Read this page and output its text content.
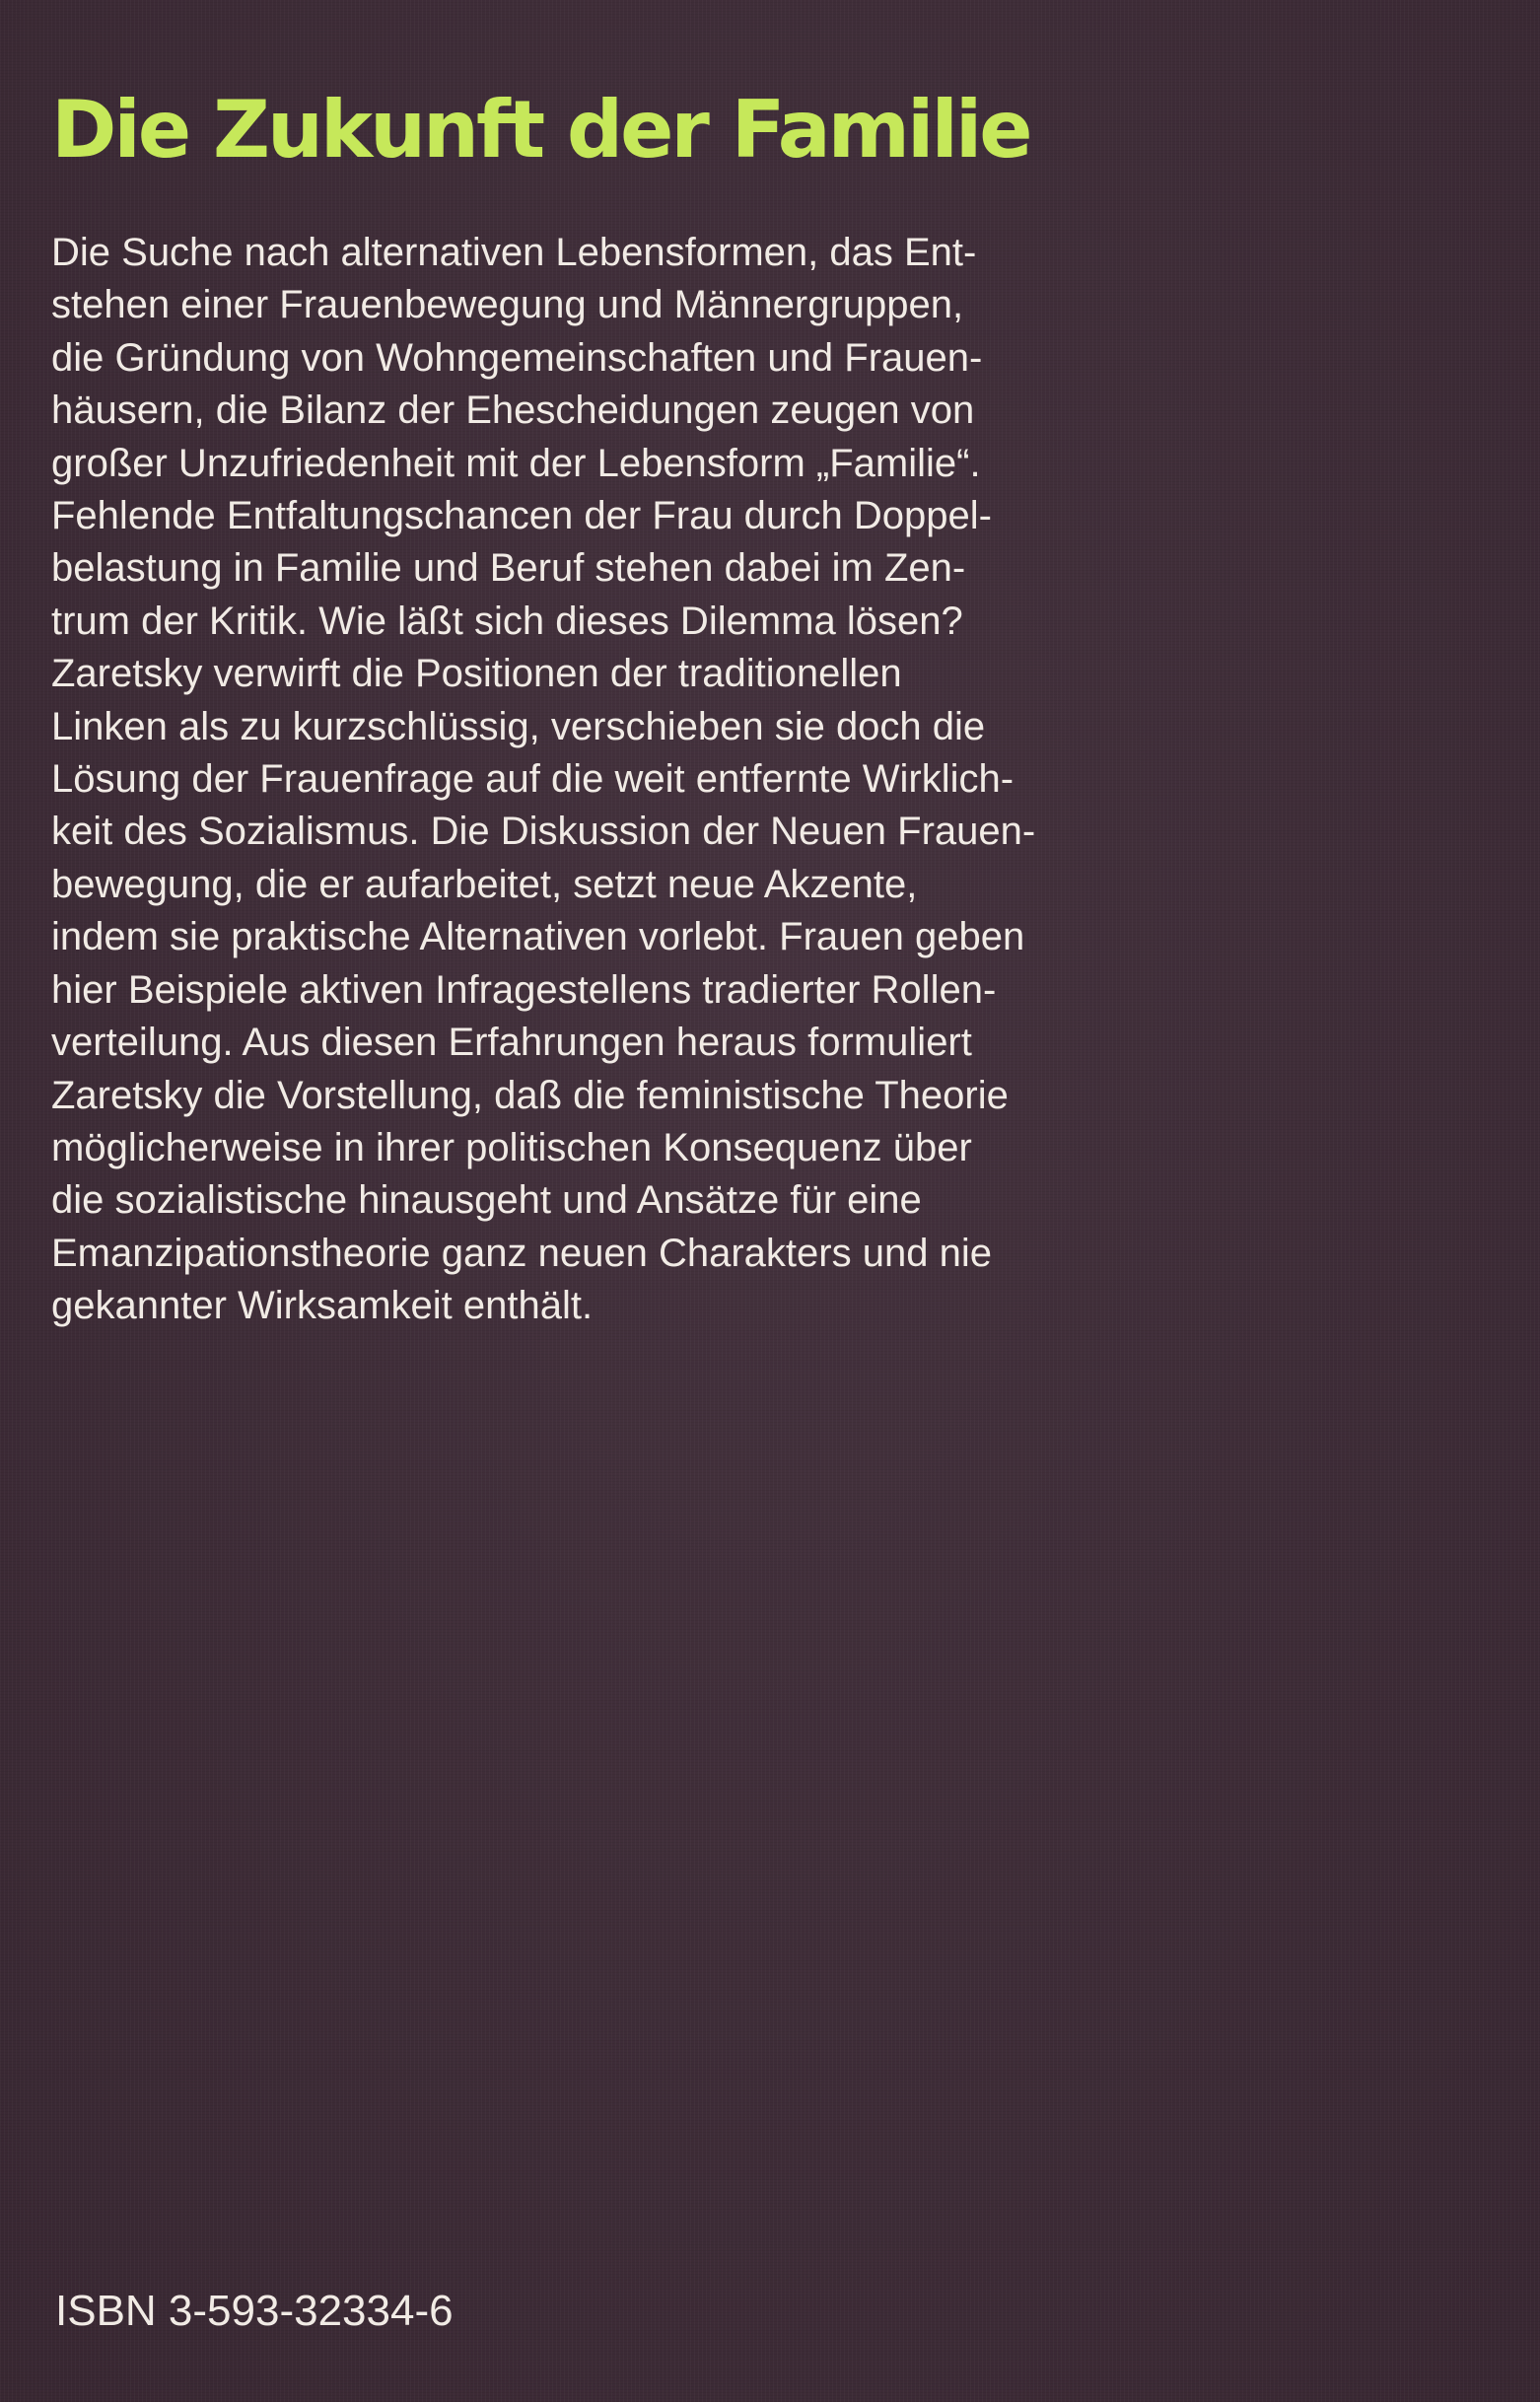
Die Zukunft der Familie
Die Suche nach alternativen Lebensformen, das Ent-
stehen einer Frauenbewegung und Männergruppen,
die Gründung von Wohngemeinschaften und Frauen-
häusern, die Bilanz der Ehescheidungen zeugen von
großer Unzufriedenheit mit der Lebensform „Familie“.
Fehlende Entfaltungschancen der Frau durch Doppel-
belastung in Familie und Beruf stehen dabei im Zen-
trum der Kritik. Wie läßt sich dieses Dilemma lösen?
Zaretsky verwirft die Positionen der traditionellen
Linken als zu kurzschlüssig, verschieben sie doch die
Lösung der Frauenfrage auf die weit entfernte Wirklich-
keit des Sozialismus. Die Diskussion der Neuen Frauen-
bewegung, die er aufarbeitet, setzt neue Akzente,
indem sie praktische Alternativen vorlebt. Frauen geben
hier Beispiele aktiven Infragestellens tradierter Rollen-
verteilung. Aus diesen Erfahrungen heraus formuliert
Zaretsky die Vorstellung, daß die feministische Theorie
möglicherweise in ihrer politischen Konsequenz über
die sozialistische hinausgeht und Ansätze für eine
Emanzipationstheorie ganz neuen Charakters und nie
gekannter Wirksamkeit enthält.
ISBN 3-593-32334-6
